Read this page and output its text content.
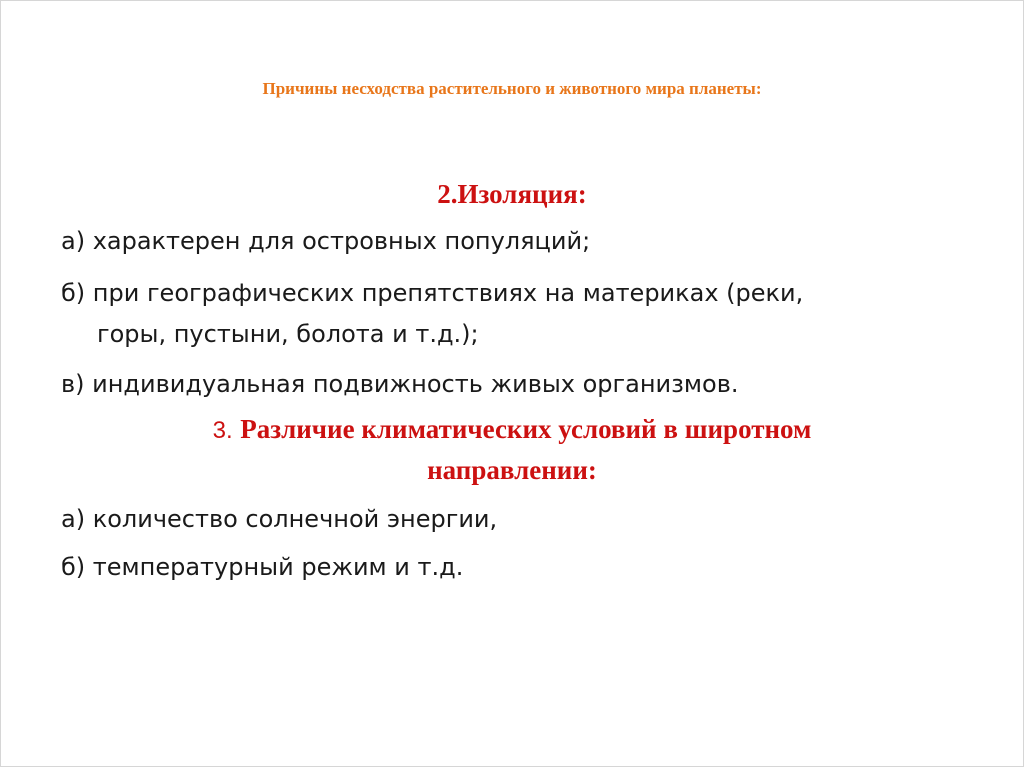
Причины несходства растительного и животного мира планеты:
2.Изоляция:
а) характерен для островных популяций;
б) при географических препятствиях на материках (реки,
горы, пустыни, болота и т.д.);
в) индивидуальная подвижность живых организмов.
3. Различие климатических условий в широтном
направлении:
а) количество солнечной энергии,
б) температурный режим и т.д.
